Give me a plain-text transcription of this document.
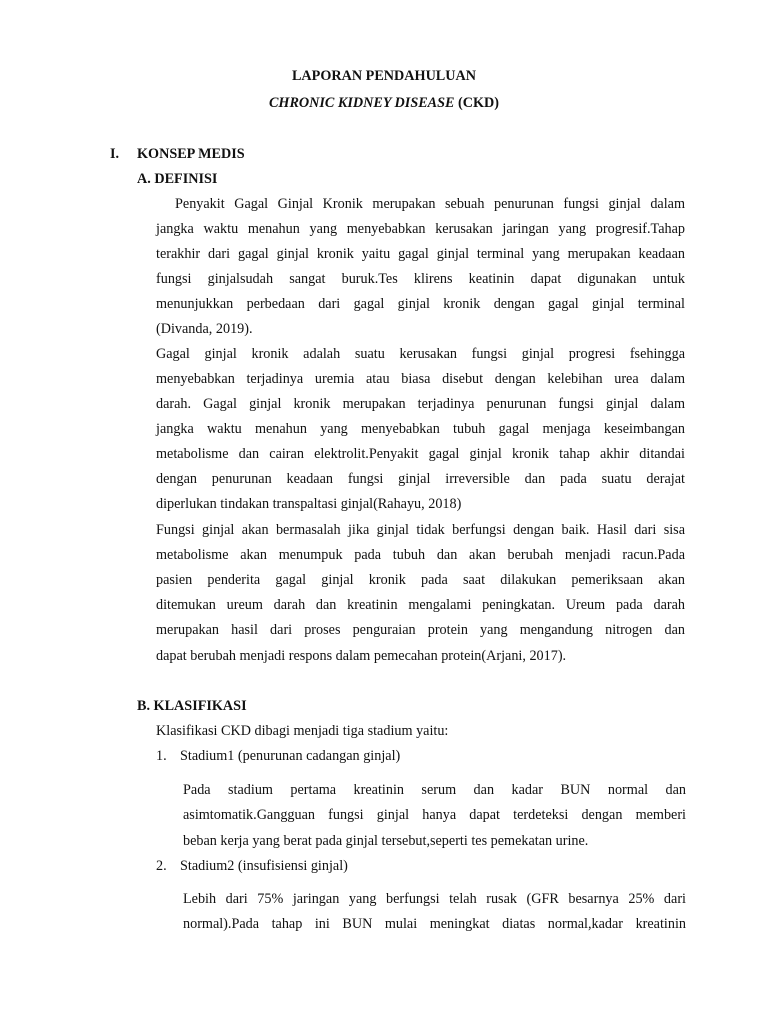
LAPORAN PENDAHULUAN
CHRONIC KIDNEY DISEASE (CKD)
I. KONSEP MEDIS
A. DEFINISI
Penyakit Gagal Ginjal Kronik merupakan sebuah penurunan fungsi ginjal dalam
jangka waktu menahun yang menyebabkan kerusakan jaringan yang progresif.Tahap
terakhir dari gagal ginjal kronik yaitu gagal ginjal terminal yang merupakan keadaan
fungsi ginjalsudah sangat buruk.Tes klirens keatinin dapat digunakan untuk
menunjukkan perbedaan dari gagal ginjal kronik dengan gagal ginjal terminal
(Divanda, 2019).
Gagal ginjal kronik adalah suatu kerusakan fungsi ginjal progresi fsehingga
menyebabkan terjadinya uremia atau biasa disebut dengan kelebihan urea dalam
darah. Gagal ginjal kronik merupakan terjadinya penurunan fungsi ginjal dalam
jangka waktu menahun yang menyebabkan tubuh gagal menjaga keseimbangan
metabolisme dan cairan elektrolit.Penyakit gagal ginjal kronik tahap akhir ditandai
dengan penurunan keadaan fungsi ginjal irreversible dan pada suatu derajat
diperlukan tindakan transpaltasi ginjal(Rahayu, 2018)
Fungsi ginjal akan bermasalah jika ginjal tidak berfungsi dengan baik. Hasil dari sisa
metabolisme akan menumpuk pada tubuh dan akan berubah menjadi racun.Pada
pasien penderita gagal ginjal kronik pada saat dilakukan pemeriksaan akan
ditemukan ureum darah dan kreatinin mengalami peningkatan. Ureum pada darah
merupakan hasil dari proses penguraian protein yang mengandung nitrogen dan
dapat berubah menjadi respons dalam pemecahan protein(Arjani, 2017).
B. KLASIFIKASI
Klasifikasi CKD dibagi menjadi tiga stadium yaitu:
1. Stadium1 (penurunan cadangan ginjal)
Pada stadium pertama kreatinin serum dan kadar BUN normal dan
asimtomatik.Gangguan fungsi ginjal hanya dapat terdeteksi dengan memberi
beban kerja yang berat pada ginjal tersebut,seperti tes pemekatan urine.
2. Stadium2 (insufisiensi ginjal)
Lebih dari 75% jaringan yang berfungsi telah rusak (GFR besarnya 25% dari
normal).Pada tahap ini BUN mulai meningkat diatas normal,kadar kreatinin
